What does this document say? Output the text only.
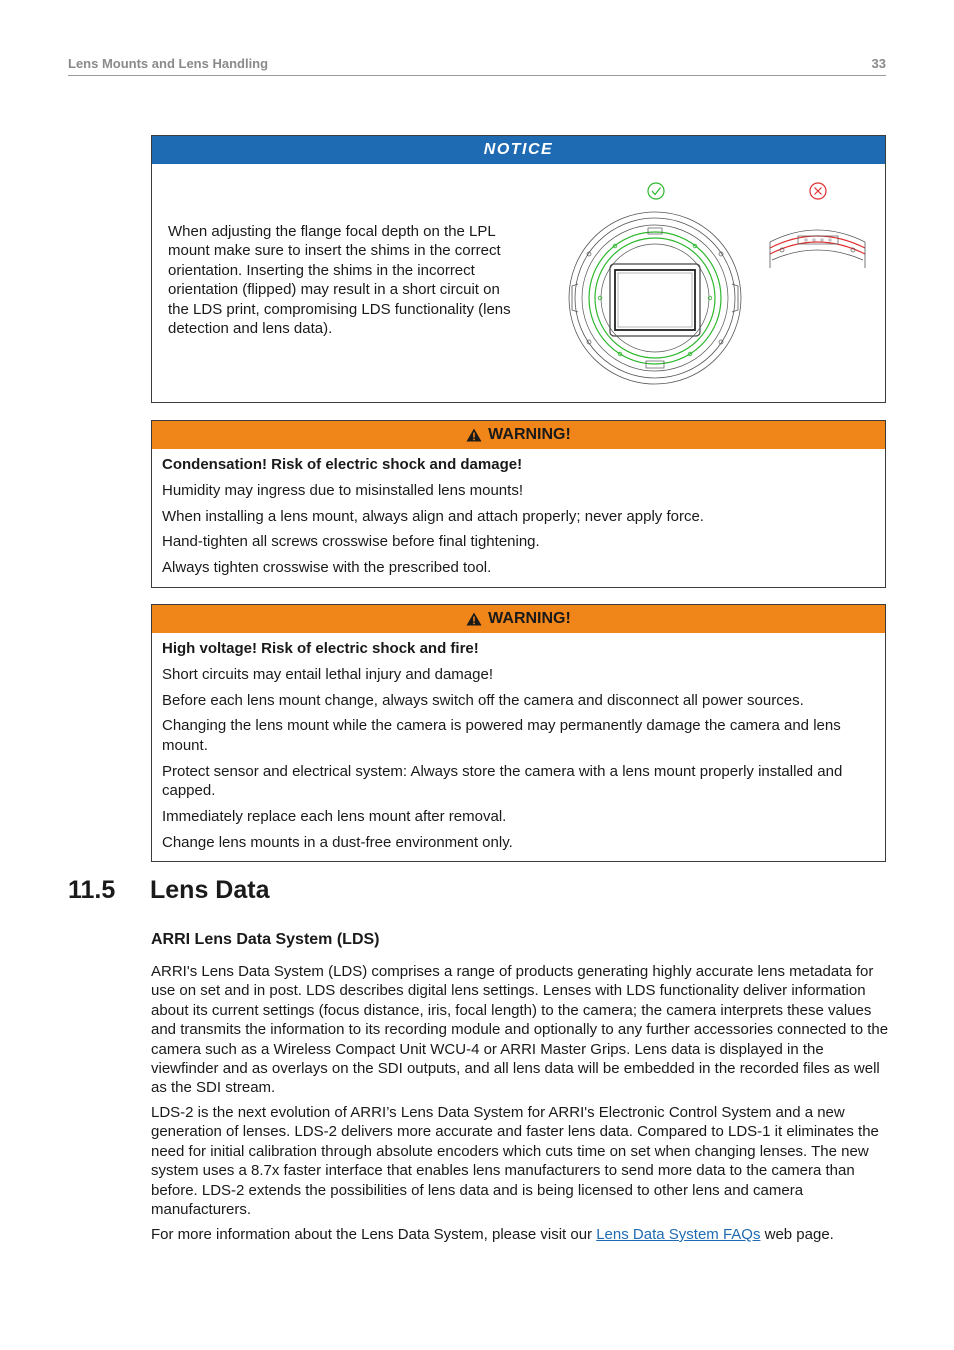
Lens Mounts and Lens Handling	33
NOTICE
When adjusting the flange focal depth on the LPL mount make sure to insert the shims in the correct orientation. Inserting the shims in the incorrect orientation (flipped) may result in a short circuit on the LDS print, compromising LDS functionality (lens detection and lens data).
WARNING!

Condensation! Risk of electric shock and damage!

Humidity may ingress due to misinstalled lens mounts!

When installing a lens mount, always align and attach properly; never apply force.

Hand-tighten all screws crosswise before final tightening.

Always tighten crosswise with the prescribed tool.

WARNING!

High voltage! Risk of electric shock and fire!

Short circuits may entail lethal injury and damage!

Before each lens mount change, always switch off the camera and disconnect all power sources.

Changing the lens mount while the camera is powered may permanently damage the camera and lens mount.

Protect sensor and electrical system: Always store the camera with a lens mount properly installed and capped.

Immediately replace each lens mount after removal.

Change lens mounts in a dust-free environment only.

11.5 Lens Data
ARRI Lens Data System (LDS)

ARRI's Lens Data System (LDS) comprises a range of products generating highly accurate lens metadata for use on set and in post. LDS describes digital lens settings. Lenses with LDS functionality deliver information about its current settings (focus distance, iris, focal length) to the camera; the camera interprets these values and transmits the information to its recording module and optionally to any further accessories connected to the camera such as a Wireless Compact Unit WCU-4 or ARRI Master Grips. Lens data is displayed in the viewfinder and as overlays on the SDI outputs, and all lens data will be embedded in the recorded files as well as the SDI stream.

LDS-2 is the next evolution of ARRI’s Lens Data System for ARRI's Electronic Control System and a new generation of lenses. LDS-2 delivers more accurate and faster lens data. Compared to LDS-1 it eliminates the need for initial calibration through absolute encoders which cuts time on set when changing lenses. The new system uses a 8.7x faster interface that enables lens manufacturers to send more data to the camera than before. LDS-2 extends the possibilities of lens data and is being licensed to other lens and camera manufacturers.

For more information about the Lens Data System, please visit our Lens Data System FAQs web page.
